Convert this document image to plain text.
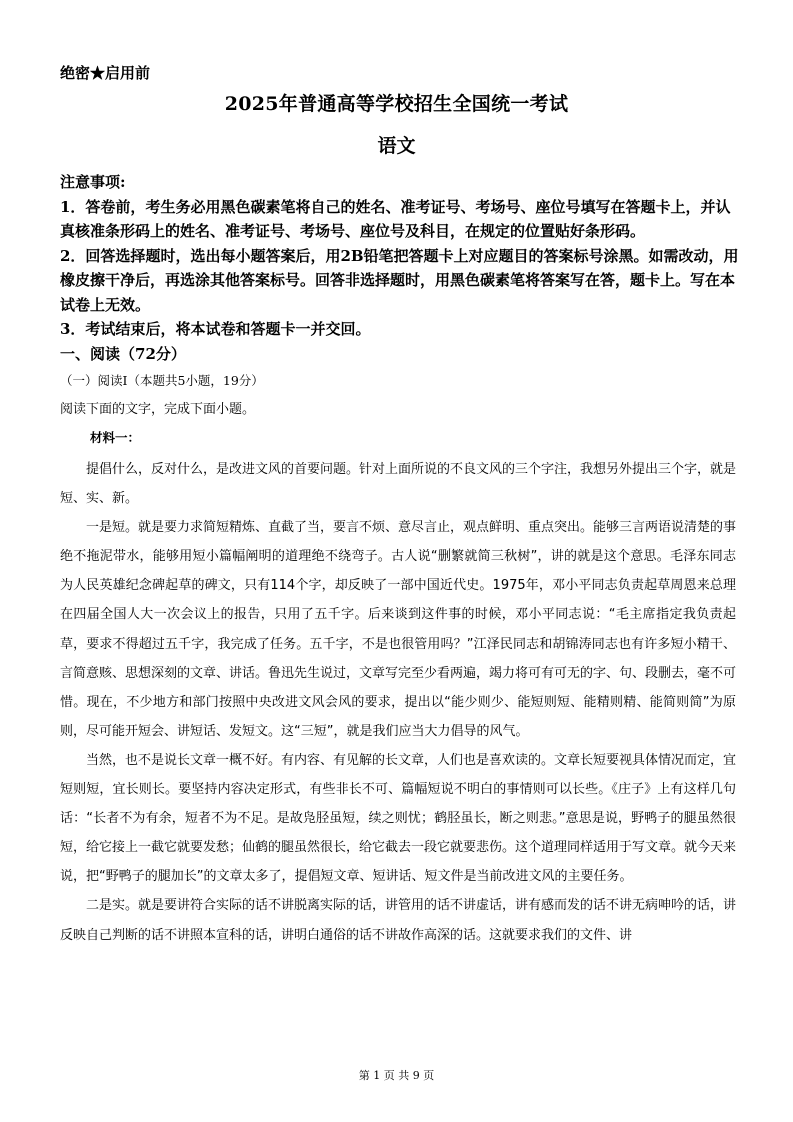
绝密★启用前
2025年普通高等学校招生全国统一考试
语文

注意事项:

1．答卷前，考生务必用黑色碳素笔将自己的姓名、准考证号、考场号、座位号填写在答题卡上，并认真核准条形码上的姓名、准考证号、考场号、座位号及科目，在规定的位置贴好条形码。

2．回答选择题时，选出每小题答案后，用2B铅笔把答题卡上对应题目的答案标号涂黑。如需改动，用橡皮擦干净后，再选涂其他答案标号。回答非选择题时，用黑色碳素笔将答案写在答，题卡上。写在本试卷上无效。

3．考试结束后，将本试卷和答题卡一并交回。

一、阅读（72分）
（一）阅读I（本题共5小题，19分）
阅读下面的文字，完成下面小题。
材料一：

提倡什么，反对什么，是改进文风的首要问题。针对上面所说的不良文风的三个字注，我想另外提出三个字，就是短、实、新。

一是短。就是要力求简短精炼、直截了当，要言不烦、意尽言止，观点鲜明、重点突出。能够三言两语说清楚的事绝不拖泥带水，能够用短小篇幅阐明的道理绝不绕弯子。古人说“删繁就简三秋树”，讲的就是这个意思。毛泽东同志为人民英雄纪念碑起草的碑文，只有114个字，却反映了一部中国近代史。1975年，邓小平同志负责起草周恩来总理在四届全国人大一次会议上的报告，只用了五千字。后来谈到这件事的时候，邓小平同志说：“毛主席指定我负责起草，要求不得超过五千字，我完成了任务。五千字，不是也很管用吗？”江泽民同志和胡锦涛同志也有许多短小精干、言简意赅、思想深刻的文章、讲话。鲁迅先生说过，文章写完至少看两遍，竭力将可有可无的字、句、段删去，毫不可惜。现在，不少地方和部门按照中央改进文风会风的要求，提出以“能少则少、能短则短、能精则精、能简则简”为原则，尽可能开短会、讲短话、发短文。这“三短”，就是我们应当大力倡导的风气。

当然，也不是说长文章一概不好。有内容、有见解的长文章，人们也是喜欢读的。文章长短要视具体情况而定，宜短则短，宜长则长。要坚持内容决定形式，有些非长不可、篇幅短说不明白的事情则可以长些。《庄子》上有这样几句话：“长者不为有余，短者不为不足。是故凫胫虽短，续之则忧；鹤胫虽长，断之则悲。”意思是说，野鸭子的腿虽然很短，给它接上一截它就要发愁；仙鹤的腿虽然很长，给它截去一段它就要悲伤。这个道理同样适用于写文章。就今天来说，把“野鸭子的腿加长”的文章太多了，提倡短文章、短讲话、短文件是当前改进文风的主要任务。

二是实。就是要讲符合实际的话不讲脱离实际的话，讲管用的话不讲虚话，讲有感而发的话不讲无病呻吟的话，讲反映自己判断的话不讲照本宣科的话，讲明白通俗的话不讲故作高深的话。这就要求我们的文件、讲

第 1 页 共 9 页
